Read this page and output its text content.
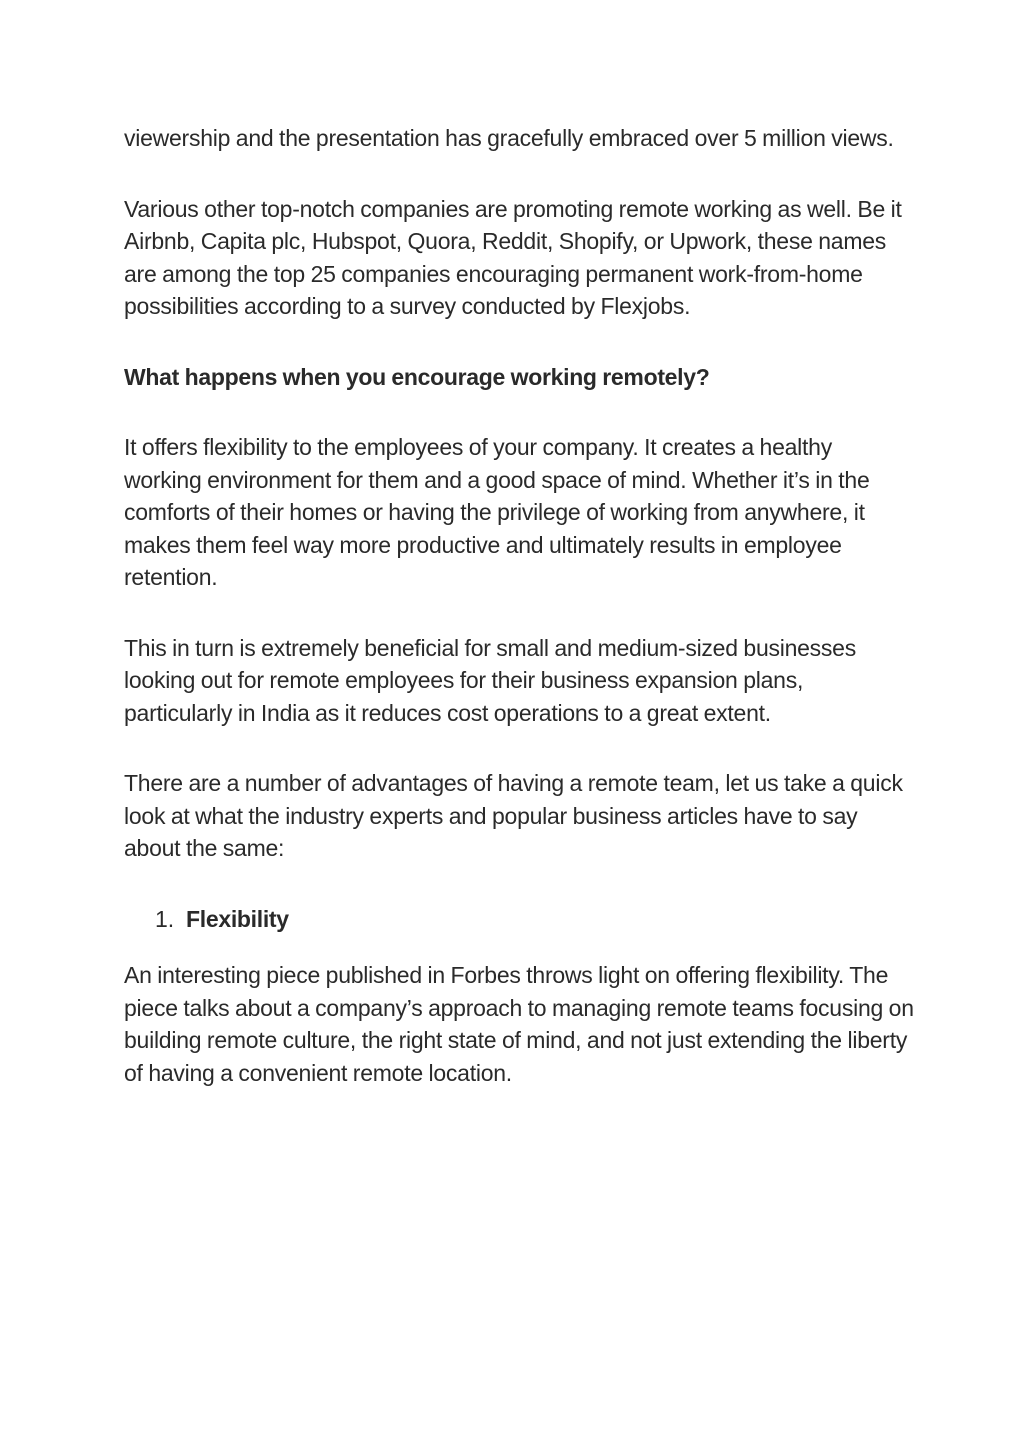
viewership and the presentation has gracefully embraced over 5 million views.

Various other top-notch companies are promoting remote working as well. Be it Airbnb, Capita plc, Hubspot, Quora, Reddit, Shopify, or Upwork, these names are among the top 25 companies encouraging permanent work-from-home possibilities according to a survey conducted by Flexjobs.

What happens when you encourage working remotely?

It offers flexibility to the employees of your company. It creates a healthy working environment for them and a good space of mind. Whether it’s in the comforts of their homes or having the privilege of working from anywhere, it makes them feel way more productive and ultimately results in employee retention.

This in turn is extremely beneficial for small and medium-sized businesses looking out for remote employees for their business expansion plans, particularly in India as it reduces cost operations to a great extent.

There are a number of advantages of having a remote team, let us take a quick look at what the industry experts and popular business articles have to say about the same:

1. Flexibility

An interesting piece published in Forbes throws light on offering flexibility. The piece talks about a company’s approach to managing remote teams focusing on building remote culture, the right state of mind, and not just extending the liberty of having a convenient remote location.
